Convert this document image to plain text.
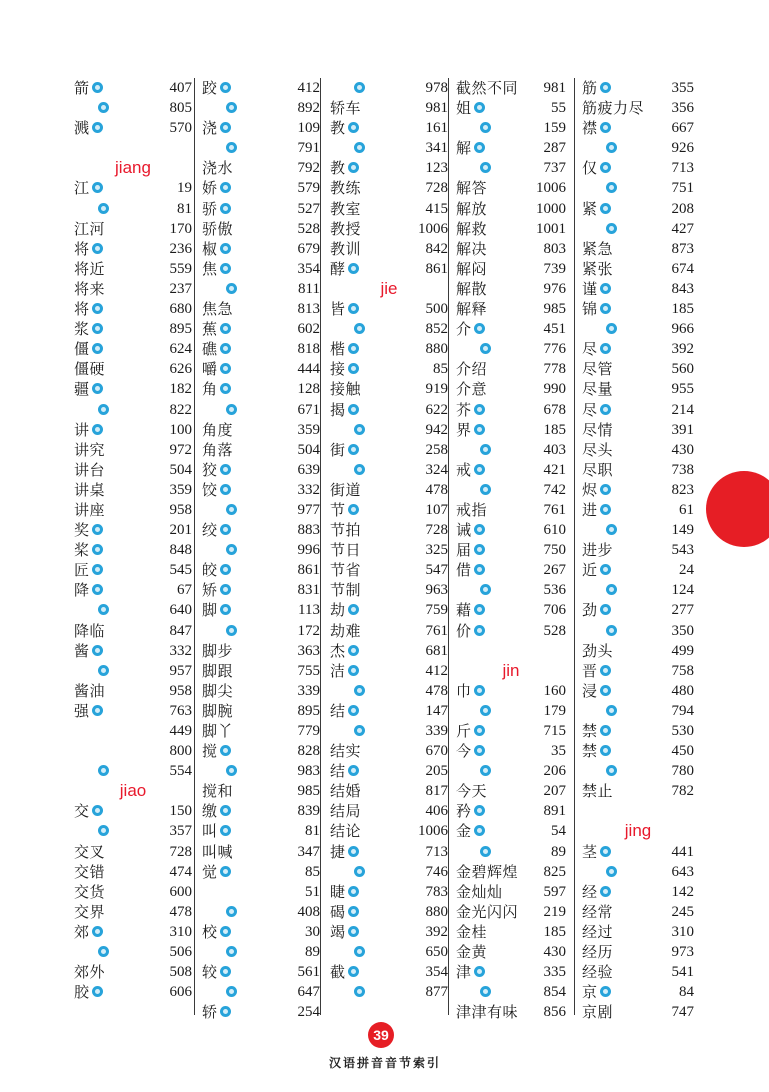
箭	407
805
溅	570
jiang
江	19
81
江河	170
将	236
将近	559
将来	237
将	680
浆	895
僵	624
僵硬	626
疆	182
822
讲	100
讲究	972
讲台	504
讲桌	359
讲座	958
奖	201
桨	848
匠	545
降	67
640
降临	847
酱	332
957
酱油	958
强	763
449
800
554
jiao
交	150
357
交叉	728
交错	474
交货	600
交界	478
郊	310
506
郊外	508
胶	606
跤	412
892
浇	109
791
浇水	792
娇	579
骄	527
骄傲	528
椒	679
焦	354
811
焦急	813
蕉	602
礁	818
嚼	444
角	128
671
角度	359
角落	504
狡	639
饺	332
977
绞	883
996
皎	861
矫	831
脚	113
172
脚步	363
脚跟	755
脚尖	339
脚腕	895
脚丫	779
搅	828
983
搅和	985
缴	839
叫	81
叫喊	347
觉	85
51
408
校	30
89
较	561
647
轿	254
978
轿车	981
教	161
341
教	123
教练	728
教室	415
教授	1006
教训	842
酵	861
jie
皆	500
852
楷	880
接	85
接触	919
揭	622
942
街	258
324
街道	478
节	107
节拍	728
节日	325
节省	547
节制	963
劫	759
劫难	761
杰	681
洁	412
478
结	147
339
结实	670
结	205
结婚	817
结局	406
结论	1006
捷	713
746
睫	783
碣	880
竭	392
650
截	354
877
截然不同 981
姐	55
159
解	287
737
解答	1006
解放	1000
解救	1001
解决	803
解闷	739
解散	976
解释	985
介	451
776
介绍	778
介意	990
芥	678
界	185
403
戒	421
742
戒指	761
诫	610
届	750
借	267
536
藉	706
价	528
jin
巾	160
179
斤	715
今	35
206
今天	207
矜	891
金	54
89
金碧辉煌 825
金灿灿	597
金光闪闪 219
金桂	185
金黄	430
津	335
854
津津有味 856
筋	355
筋疲力尽 356
襟	667
926
仅	713
751
紧	208
427
紧急	873
紧张	674
谨	843
锦	185
966
尽	392
尽管	560
尽量	955
尽	214
尽情	391
尽头	430
尽职	738
烬	823
进	61
149
进步	543
近	24
124
劲	277
350
劲头	499
晋	758
浸	480
794
禁	530
禁	450
780
禁止	782
jing
茎	441
643
经	142
经常	245
经过	310
经历	973
经验	541
京	84
京剧	747
39
汉语拼音音节索引
